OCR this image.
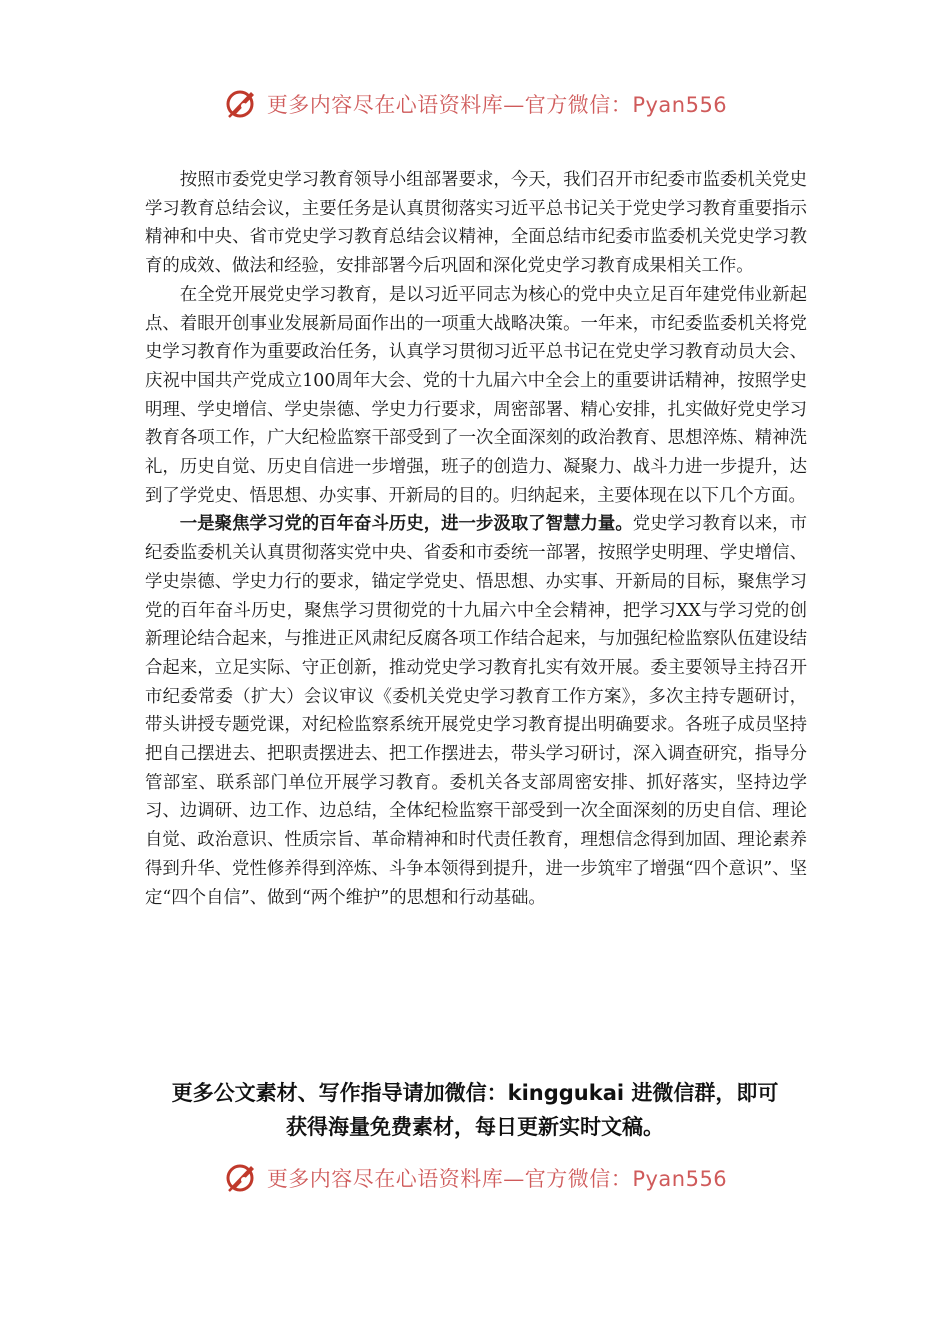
更多内容尽在心语资料库—官方微信：Pyan556

按照市委党史学习教育领导小组部署要求，今天，我们召开市纪委市监委机关党史学习教育总结会议，主要任务是认真贯彻落实习近平总书记关于党史学习教育重要指示精神和中央、省市党史学习教育总结会议精神，全面总结市纪委市监委机关党史学习教育的成效、做法和经验，安排部署今后巩固和深化党史学习教育成果相关工作。

在全党开展党史学习教育，是以习近平同志为核心的党中央立足百年建党伟业新起点、着眼开创事业发展新局面作出的一项重大战略决策。一年来，市纪委监委机关将党史学习教育作为重要政治任务，认真学习贯彻习近平总书记在党史学习教育动员大会、庆祝中国共产党成立100周年大会、党的十九届六中全会上的重要讲话精神，按照学史明理、学史增信、学史崇德、学史力行要求，周密部署、精心安排，扎实做好党史学习教育各项工作，广大纪检监察干部受到了一次全面深刻的政治教育、思想淬炼、精神洗礼，历史自觉、历史自信进一步增强，班子的创造力、凝聚力、战斗力进一步提升，达到了学党史、悟思想、办实事、开新局的目的。归纳起来，主要体现在以下几个方面。

一是聚焦学习党的百年奋斗历史，进一步汲取了智慧力量。党史学习教育以来，市纪委监委机关认真贯彻落实党中央、省委和市委统一部署，按照学史明理、学史增信、学史崇德、学史力行的要求，锚定学党史、悟思想、办实事、开新局的目标，聚焦学习党的百年奋斗历史，聚焦学习贯彻党的十九届六中全会精神，把学习XX与学习党的创新理论结合起来，与推进正风肃纪反腐各项工作结合起来，与加强纪检监察队伍建设结合起来，立足实际、守正创新，推动党史学习教育扎实有效开展。委主要领导主持召开市纪委常委（扩大）会议审议《委机关党史学习教育工作方案》，多次主持专题研讨，带头讲授专题党课，对纪检监察系统开展党史学习教育提出明确要求。各班子成员坚持把自己摆进去、把职责摆进去、把工作摆进去，带头学习研讨，深入调查研究，指导分管部室、联系部门单位开展学习教育。委机关各支部周密安排、抓好落实，坚持边学习、边调研、边工作、边总结，全体纪检监察干部受到一次全面深刻的历史自信、理论自觉、政治意识、性质宗旨、革命精神和时代责任教育，理想信念得到加固、理论素养得到升华、党性修养得到淬炼、斗争本领得到提升，进一步筑牢了增强“四个意识”、坚定“四个自信”、做到“两个维护”的思想和行动基础。

更多公文素材、写作指导请加微信：kinggukai 进微信群，即可
获得海量免费素材，每日更新实时文稿。
更多内容尽在心语资料库—官方微信：Pyan556
